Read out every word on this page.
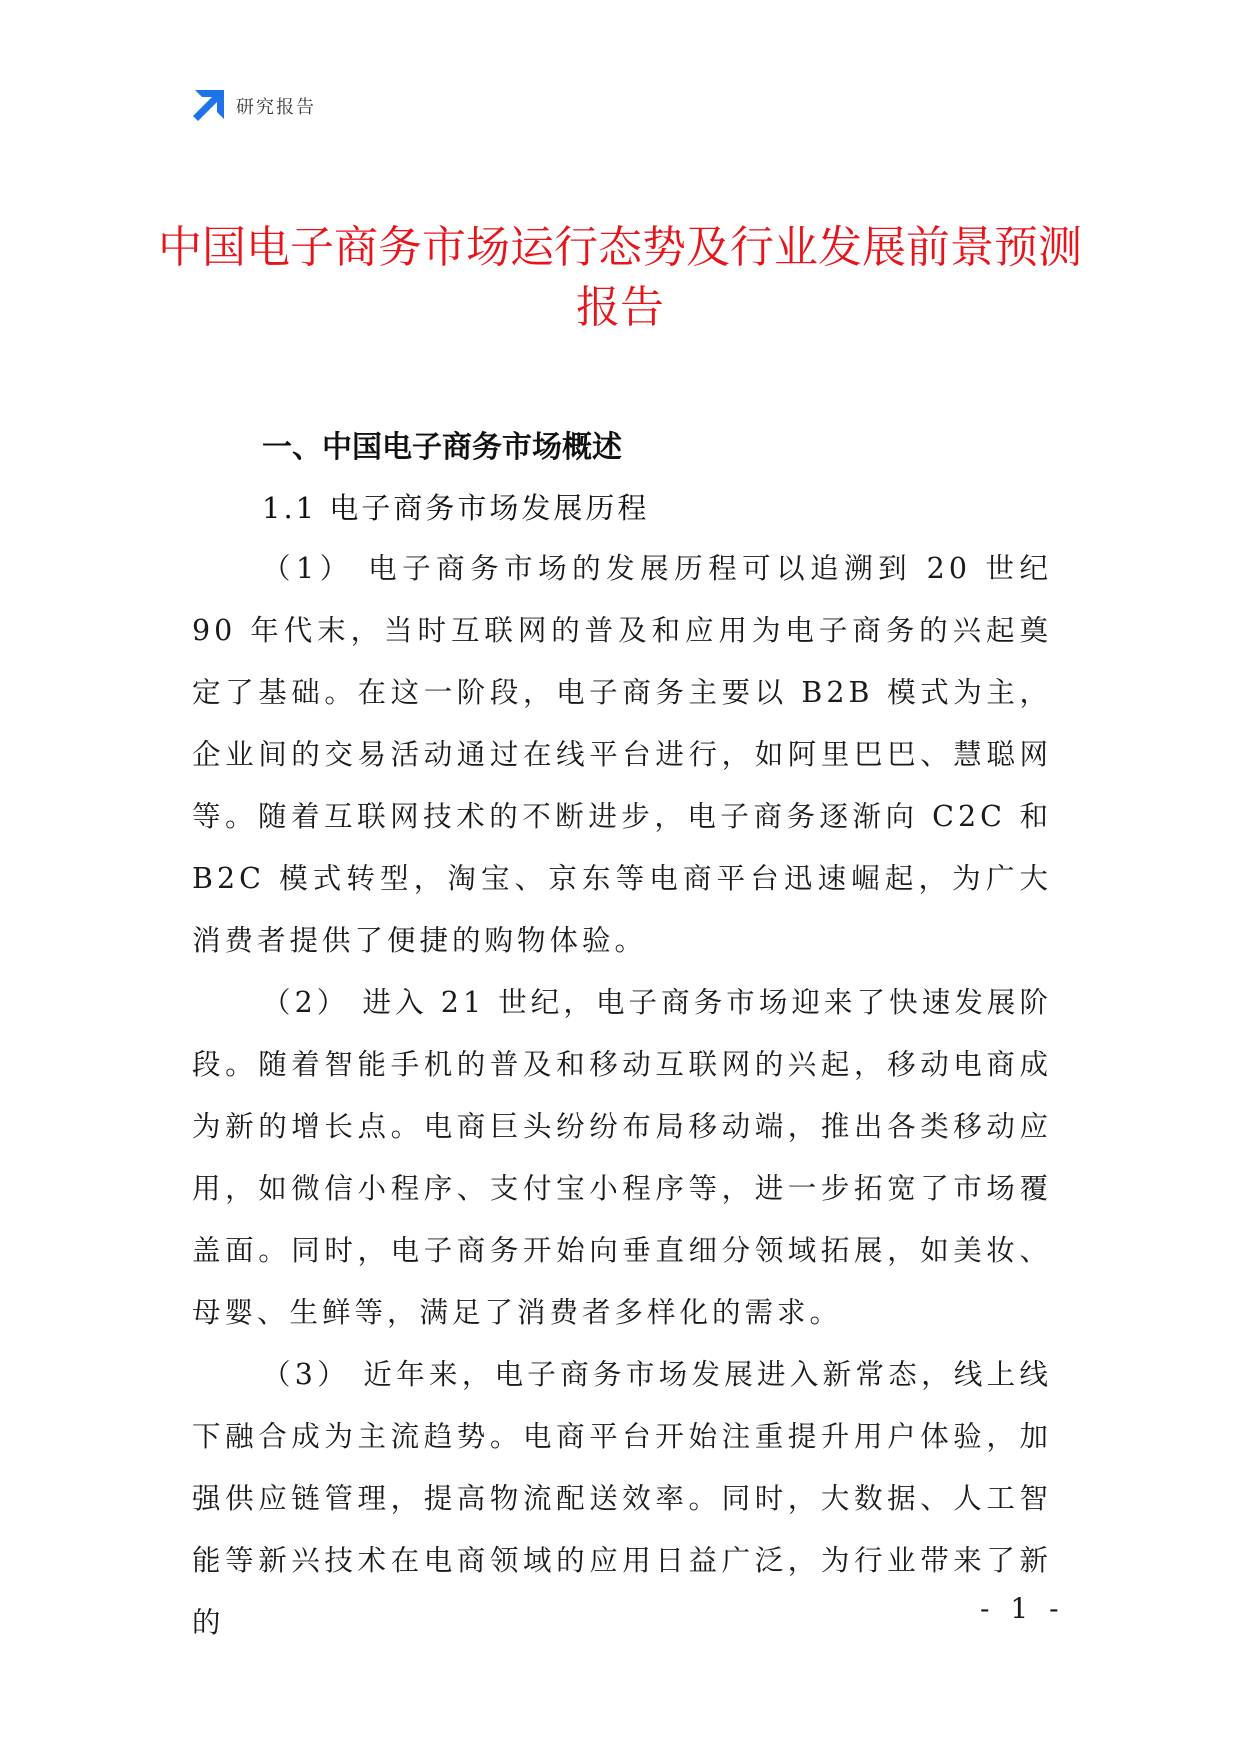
研究报告
中国电子商务市场运行态势及行业发展前景预测报告
一、中国电子商务市场概述
1.1 电子商务市场发展历程

（1） 电子商务市场的发展历程可以追溯到 20 世纪 90 年代末，当时互联网的普及和应用为电子商务的兴起奠定了基础。在这一阶段，电子商务主要以 B2B 模式为主，企业间的交易活动通过在线平台进行，如阿里巴巴、慧聪网等。随着互联网技术的不断进步，电子商务逐渐向 C2C 和 B2C 模式转型，淘宝、京东等电商平台迅速崛起，为广大消费者提供了便捷的购物体验。

（2） 进入 21 世纪，电子商务市场迎来了快速发展阶段。随着智能手机的普及和移动互联网的兴起，移动电商成为新的增长点。电商巨头纷纷布局移动端，推出各类移动应用，如微信小程序、支付宝小程序等，进一步拓宽了市场覆盖面。同时，电子商务开始向垂直细分领域拓展，如美妆、母婴、生鲜等，满足了消费者多样化的需求。

（3） 近年来，电子商务市场发展进入新常态，线上线下融合成为主流趋势。电商平台开始注重提升用户体验，加强供应链管理，提高物流配送效率。同时，大数据、人工智能等新兴技术在电商领域的应用日益广泛，为行业带来了新的	- 1 -
